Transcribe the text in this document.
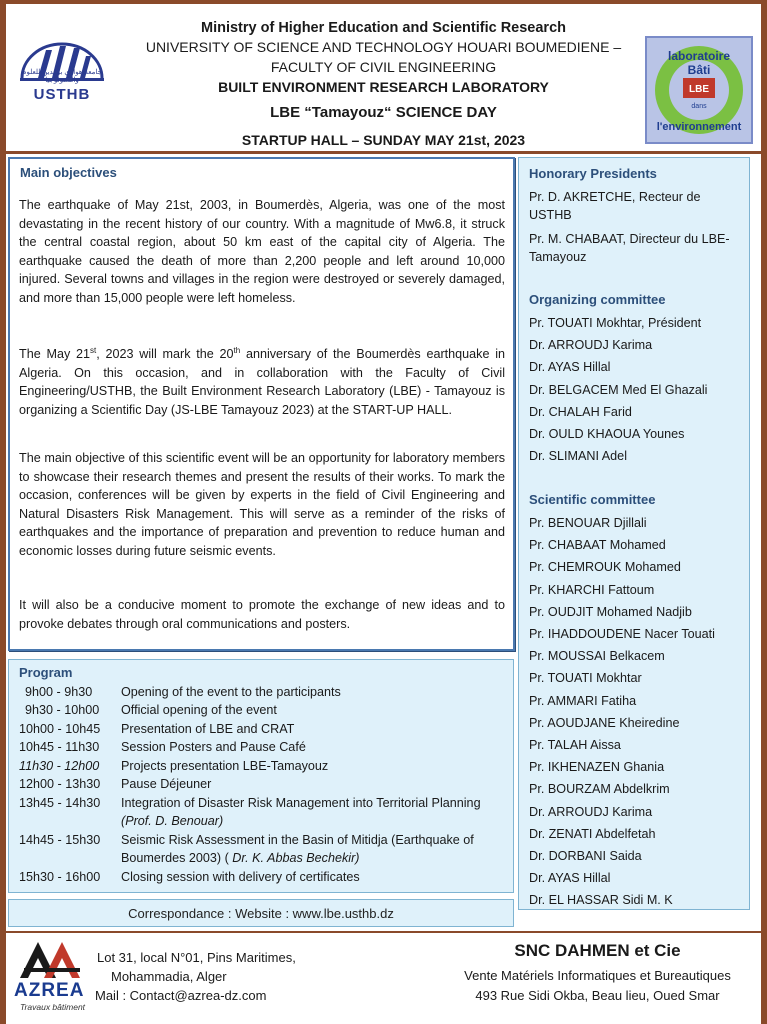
Ministry of Higher Education and Scientific Research
UNIVERSITY OF SCIENCE AND TECHNOLOGY HOUARI BOUMEDIENE –
FACULTY OF CIVIL ENGINEERING
BUILT ENVIRONMENT RESEARCH LABORATORY
LBE “Tamayouz“ SCIENCE DAY
STARTUP HALL – SUNDAY MAY 21st, 2023
جامعة هواري بومدين للعلوم والتكنولوجيا
USTHB	LBE
laboratoire
Bâti
dans
l'environnement
Main objectives
The earthquake of May 21st, 2003, in Boumerdès, Algeria, was one of the most devastating in the recent history of our country. With a magnitude of Mw6.8, it struck the central coastal region, about 50 km east of the capital city of Algeria. The earthquake caused the death of more than 2,200 people and left around 10,000 injured. Several towns and villages in the region were destroyed or severely damaged, and more than 15,000 people were left homeless.
The May 21st, 2023 will mark the 20th anniversary of the Boumerdès earthquake in Algeria. On this occasion, and in collaboration with the Faculty of Civil Engineering/USTHB, the Built Environment Research Laboratory (LBE) - Tamayouz is organizing a Scientific Day (JS-LBE Tamayouz 2023) at the START-UP HALL.
The main objective of this scientific event will be an opportunity for laboratory members to showcase their research themes and present the results of their works. To mark the occasion, conferences will be given by experts in the field of Civil Engineering and Natural Disasters Risk Management. This will serve as a reminder of the risks of earthquakes and the importance of preparation and prevention to reduce human and economic losses during future seismic events.
It will also be a conducive moment to promote the exchange of new ideas and to provoke debates through oral communications and posters.
Program
9h00 - 9h30 Opening of the event to the participants
9h30 - 10h00 Official opening of the event
10h00 - 10h45 Presentation of LBE and CRAT
10h45 - 11h30 Session Posters and Pause Café
11h30 - 12h00 Projects presentation LBE-Tamayouz
12h00 - 13h30 Pause Déjeuner
13h45 - 14h30 Integration of Disaster Risk Management into Territorial Planning (Prof. D. Benouar)
14h45 - 15h30 Seismic Risk Assessment in the Basin of Mitidja (Earthquake of Boumerdes 2003) ( Dr. K. Abbas Bechekir)
15h30 - 16h00 Closing session with delivery of certificates
Correspondance : Website : www.lbe.usthb.dz
Honorary Presidents
Pr. D. AKRETCHE, Recteur de USTHB
Pr. M. CHABAAT, Directeur du LBE-Tamayouz
Organizing committee
Pr. TOUATI Mokhtar, Président
Dr. ARROUDJ Karima
Dr. AYAS Hillal
Dr. BELGACEM Med El Ghazali
Dr. CHALAH Farid
Dr. OULD KHAOUA Younes
Dr. SLIMANI Adel
Scientific committee
Pr. BENOUAR Djillali
Pr. CHABAAT Mohamed
Pr. CHEMROUK Mohamed
Pr. KHARCHI Fattoum
Pr. OUDJIT Mohamed Nadjib
Pr. IHADDOUDENE Nacer Touati
Pr. MOUSSAI Belkacem
Pr. TOUATI Mokhtar
Pr. AMMARI Fatiha
Pr. AOUDJANE Kheiredine
Pr. TALAH Aissa
Pr. IKHENAZEN Ghania
Pr. BOURZAM Abdelkrim
Dr. ARROUDJ Karima
Dr. ZENATI Abdelfetah
Dr. DORBANI Saida
Dr. AYAS Hillal
Dr. EL HASSAR Sidi M. K
AZREA
Travaux bâtiment
Lot 31, local N°01, Pins Maritimes,
Mohammadia, Alger
Mail : Contact@azrea-dz.com
SNC DAHMEN et Cie
Vente Matériels Informatiques et Bureautiques
493 Rue Sidi Okba, Beau lieu, Oued Smar
